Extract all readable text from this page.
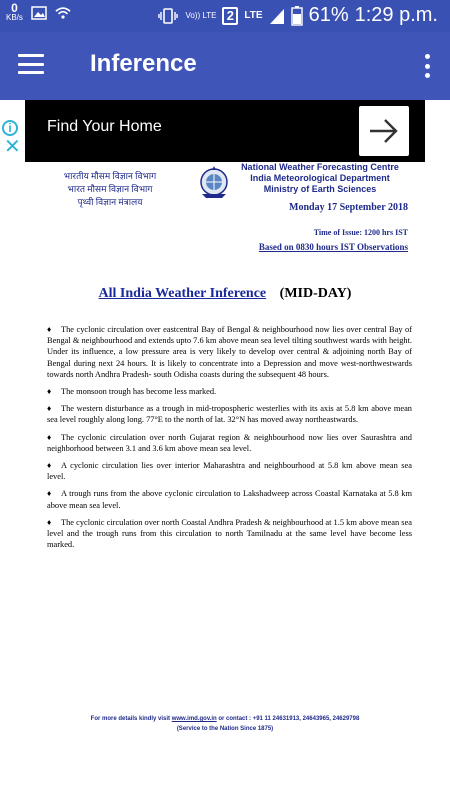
0
KB/s	Vo)) LTE 2	LTE 61% 1:29 p.m.
Inference
i
✕
Find Your Home
भारतीय मौसम विज्ञान विभाग
भारत मौसम विज्ञान विभाग
पृथ्वी विज्ञान मंत्रालय
National Weather Forecasting Centre
India Meteorological Department
Ministry of Earth Sciences
Monday 17 September 2018
Time of Issue: 1200 hrs IST
Based on 0830 hours IST Observations
All India Weather Inference (MID-DAY)

♦ The cyclonic circulation over eastcentral Bay of Bengal & neighbourhood now lies over central Bay of Bengal & neighbourhood and extends upto 7.6 km above mean sea level tilting southwest wards with height. Under its influence, a low pressure area is very likely to develop over central & adjoining north Bay of Bengal during next 24 hours. It is likely to concentrate into a Depression and move west-northwestwards towards north Andhra Pradesh- south Odisha coasts during the subsequent 48 hours.

♦ The monsoon trough has become less marked.

♦ The western disturbance as a trough in mid-tropospheric westerlies with its axis at 5.8 km above mean sea level roughly along long. 77°E to the north of lat. 32°N has moved away northeastwards.

♦ The cyclonic circulation over north Gujarat region & neighbourhood now lies over Saurashtra and neighborhood between 3.1 and 3.6 km above mean sea level.

♦ A cyclonic circulation lies over interior Maharashtra and neighbourhood at 5.8 km above mean sea level.

♦ A trough runs from the above cyclonic circulation to Lakshadweep across Coastal Karnataka at 5.8 km above mean sea level.

♦ The cyclonic circulation over north Coastal Andhra Pradesh & neighbourhood at 1.5 km above mean sea level and the trough runs from this circulation to north Tamilnadu at the same level have become less marked.

For more details kindly visit www.imd.gov.in or contact : +91 11 24631913, 24643965, 24629798
(Service to the Nation Since 1875)
